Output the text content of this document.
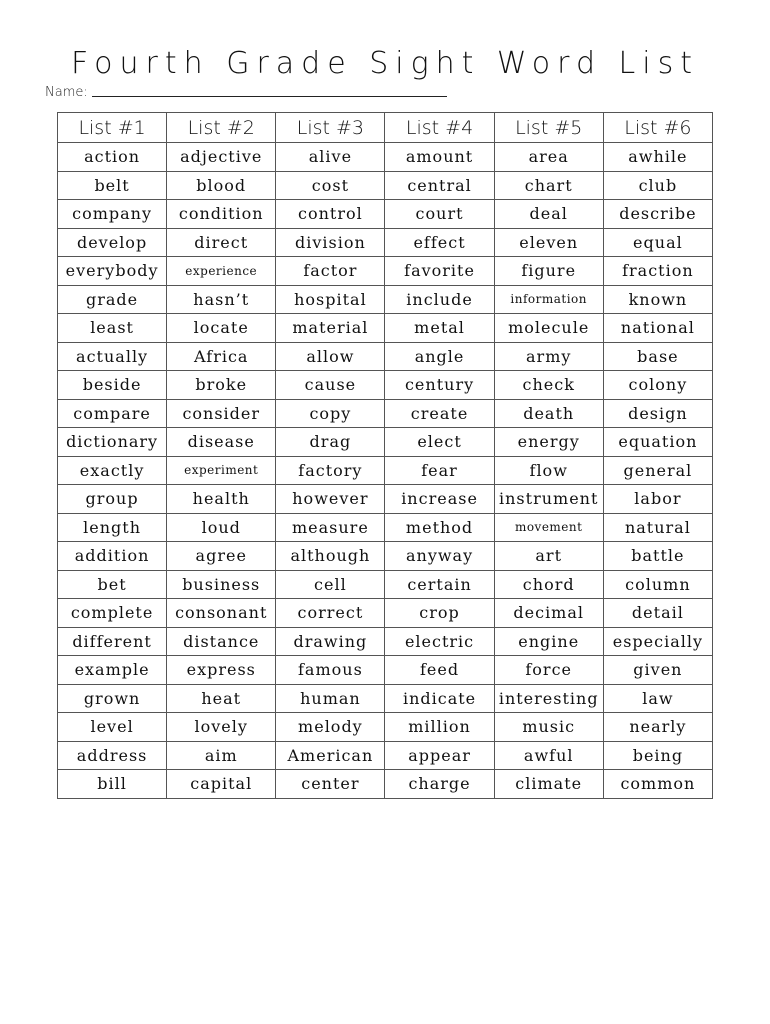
Fourth Grade Sight Word List
Name:
List #1	List #2	List #3	List #4	List #5	List #6
action	adjective	alive	amount	area	awhile
belt	blood	cost	central	chart	club
company	condition	control	court	deal	describe
develop	direct	division	effect	eleven	equal
everybody	experience	factor	favorite	figure	fraction
grade	hasn’t	hospital	include	information	known
least	locate	material	metal	molecule	national
actually	Africa	allow	angle	army	base
beside	broke	cause	century	check	colony
compare	consider	copy	create	death	design
dictionary	disease	drag	elect	energy	equation
exactly	experiment	factory	fear	flow	general
group	health	however	increase	instrument	labor
length	loud	measure	method	movement	natural
addition	agree	although	anyway	art	battle
bet	business	cell	certain	chord	column
complete	consonant	correct	crop	decimal	detail
different	distance	drawing	electric	engine	especially
example	express	famous	feed	force	given
grown	heat	human	indicate	interesting	law
level	lovely	melody	million	music	nearly
address	aim	American	appear	awful	being
bill	capital	center	charge	climate	common
